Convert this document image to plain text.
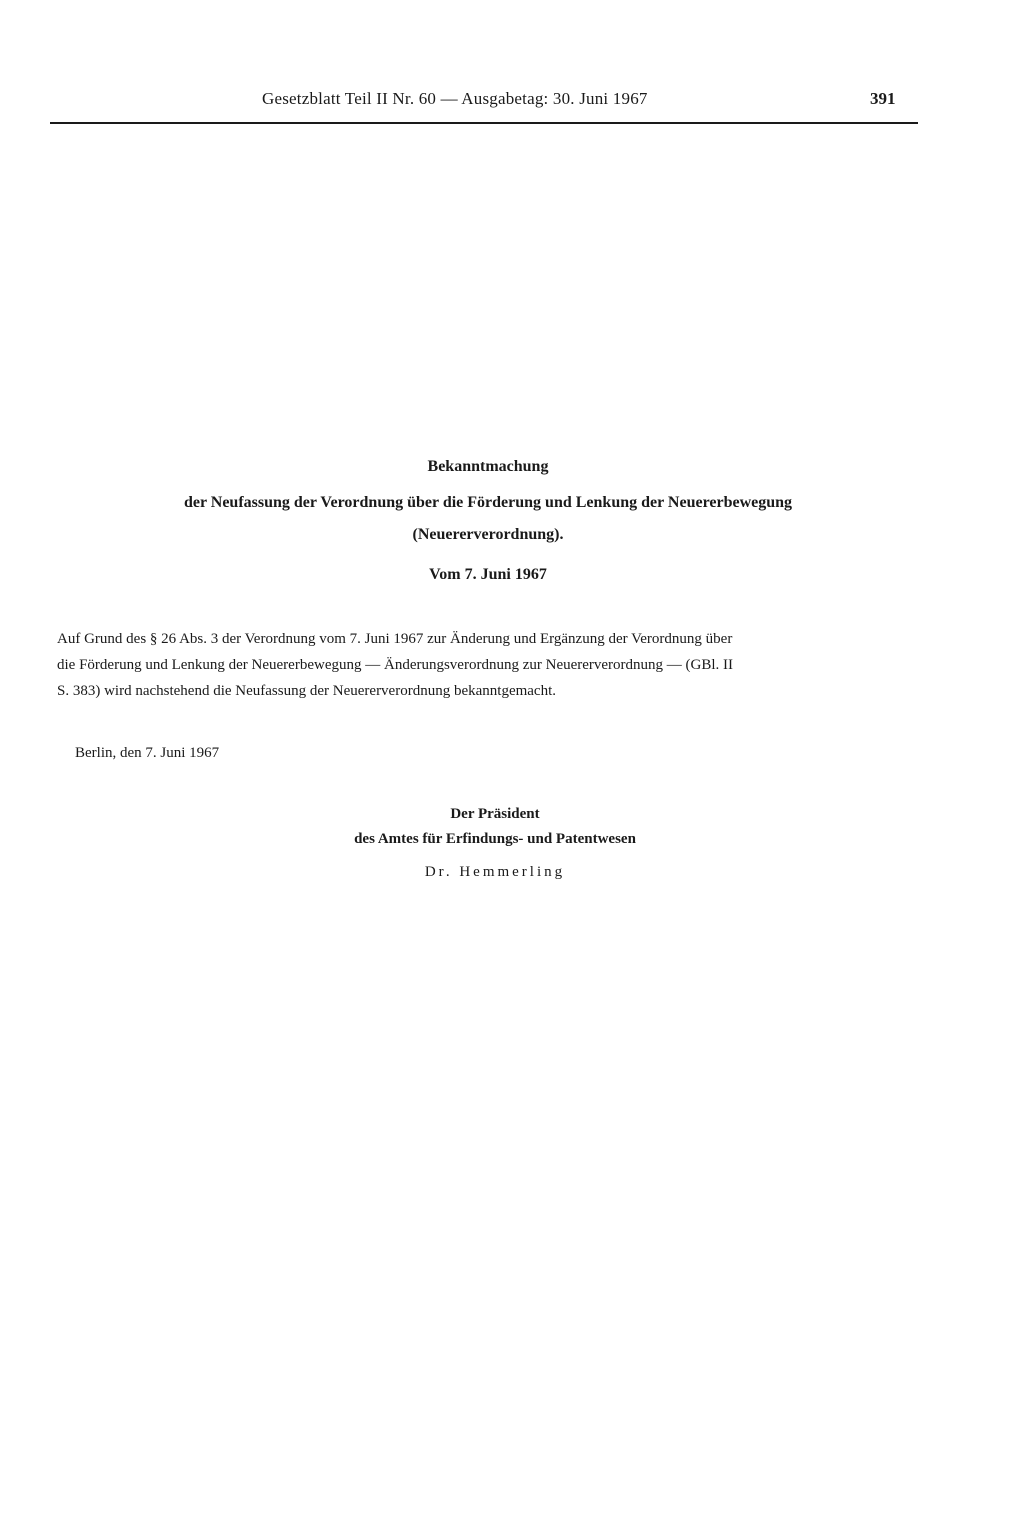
Gesetzblatt Teil II Nr. 60 — Ausgabetag: 30. Juni 1967	391
Bekanntmachung
der Neufassung der Verordnung über die Förderung und Lenkung der Neuererbewegung
(Neuererverordnung).
Vom 7. Juni 1967
Auf Grund des § 26 Abs. 3 der Verordnung vom 7. Juni 1967 zur Änderung und Ergänzung der Verordnung über
die Förderung und Lenkung der Neuererbewegung — Änderungsverordnung zur Neuererverordnung — (GBl. II
S. 383) wird nachstehend die Neufassung der Neuererverordnung bekanntgemacht.
Berlin, den 7. Juni 1967
Der Präsident
des Amtes für Erfindungs- und Patentwesen
Dr. Hemmerling
